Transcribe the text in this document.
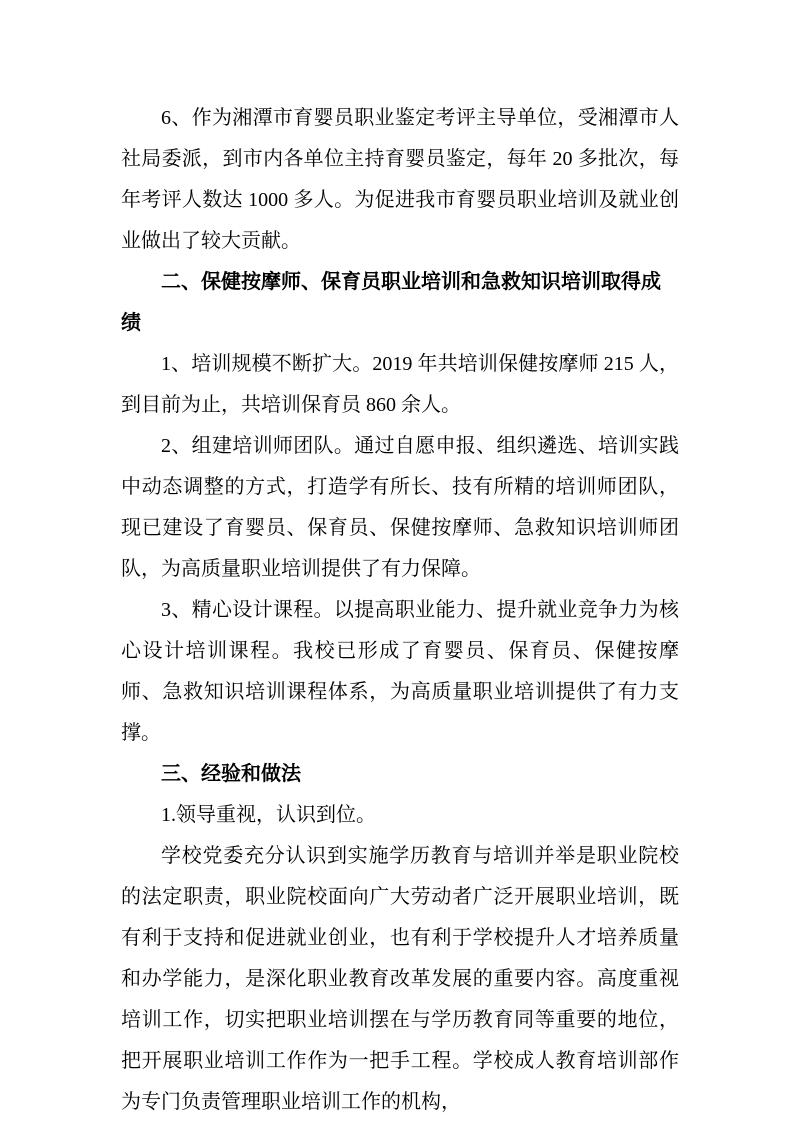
6、作为湘潭市育婴员职业鉴定考评主导单位，受湘潭市人社局委派，到市内各单位主持育婴员鉴定，每年 20 多批次，每年考评人数达 1000 多人。为促进我市育婴员职业培训及就业创业做出了较大贡献。

二、保健按摩师、保育员职业培训和急救知识培训取得成绩

1、培训规模不断扩大。2019 年共培训保健按摩师 215 人，到目前为止，共培训保育员 860 余人。

2、组建培训师团队。通过自愿申报、组织遴选、培训实践中动态调整的方式，打造学有所长、技有所精的培训师团队，现已建设了育婴员、保育员、保健按摩师、急救知识培训师团队，为高质量职业培训提供了有力保障。

3、精心设计课程。以提高职业能力、提升就业竞争力为核心设计培训课程。我校已形成了育婴员、保育员、保健按摩师、急救知识培训课程体系，为高质量职业培训提供了有力支撑。

三、经验和做法

1.领导重视，认识到位。

学校党委充分认识到实施学历教育与培训并举是职业院校的法定职责，职业院校面向广大劳动者广泛开展职业培训，既有利于支持和促进就业创业，也有利于学校提升人才培养质量和办学能力，是深化职业教育改革发展的重要内容。高度重视培训工作，切实把职业培训摆在与学历教育同等重要的地位，把开展职业培训工作作为一把手工程。学校成人教育培训部作为专门负责管理职业培训工作的机构，
